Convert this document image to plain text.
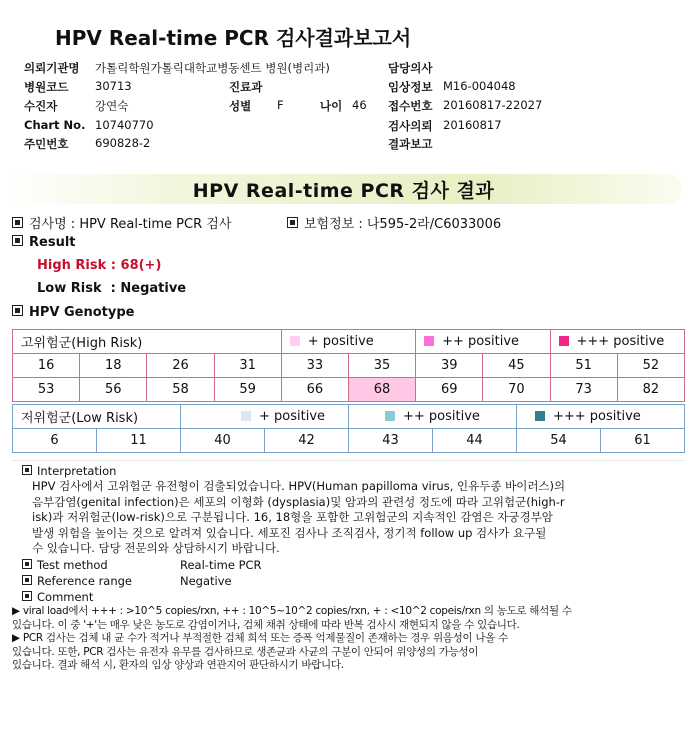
HPV Real-time PCR 검사결과보고서
의뢰기관명 가톨릭학원가톨릭대학교병동센트 병원(병리과)
병원코드 30713
수진자	강연숙
Chart No. 10740770
주민번호 690828-2
진료과
성별 F	나이 46
담당의사
임상정보 M16-004048
접수번호 20160817-22027
검사의뢰 20160817
결과보고
HPV Real-time PCR 검사 결과
검사명 : HPV Real-time PCR 검사	보험정보 : 나595-2라/C6033006
Result
High Risk : 68(+)
Low Risk  : Negative
HPV Genotype
고위험군(High Risk)				+ positive		++ positive		+++ positive	
16	18	26	31	33	35	39	45	51	52
53	56	58	59	66	68	69	70	73	82
저위험군(Low Risk)		+ positive		++ positive		+++ positive	
6	11	40	42	43	44	54	61
Interpretation
HPV 검사에서 고위험군 유전형이 검출되었습니다. HPV(Human papilloma virus, 인유두종 바이러스)의
음부감염(genital infection)은 세포의 이형화 (dysplasia)및 암과의 관련성 정도에 따라 고위험군(high-r
isk)과 저위험군(low-risk)으로 구분됩니다. 16, 18형을 포함한 고위험군의 지속적인 감염은 자궁경부암
발생 위험을 높이는 것으로 알려져 있습니다. 세포진 검사나 조직검사, 정기적 follow up 검사가 요구될
수 있습니다. 담당 전문의와 상담하시기 바랍니다.
Test method	Real-time PCR
Reference range	Negative
Comment
▶ viral load에서 +++ : >10^5 copies/rxn, ++ : 10^5~10^2 copies/rxn, + : <10^2 copeis/rxn 의 농도로 해석될 수
있습니다. 이 중 '+'는 매우 낮은 농도로 감염이거나, 검체 채취 상태에 따라 반복 검사시 재현되지 않을 수 있습니다.
▶ PCR 검사는 검체 내 균 수가 적거나 부적절한 검체 희석 또는 증폭 억제물질이 존재하는 경우 위음성이 나올 수
있습니다. 또한, PCR 검사는 유전자 유무를 검사하므로 생존균과 사균의 구분이 안되어 위양성의 가능성이
있습니다. 결과 해석 시, 환자의 임상 양상과 연관지어 판단하시기 바랍니다.
